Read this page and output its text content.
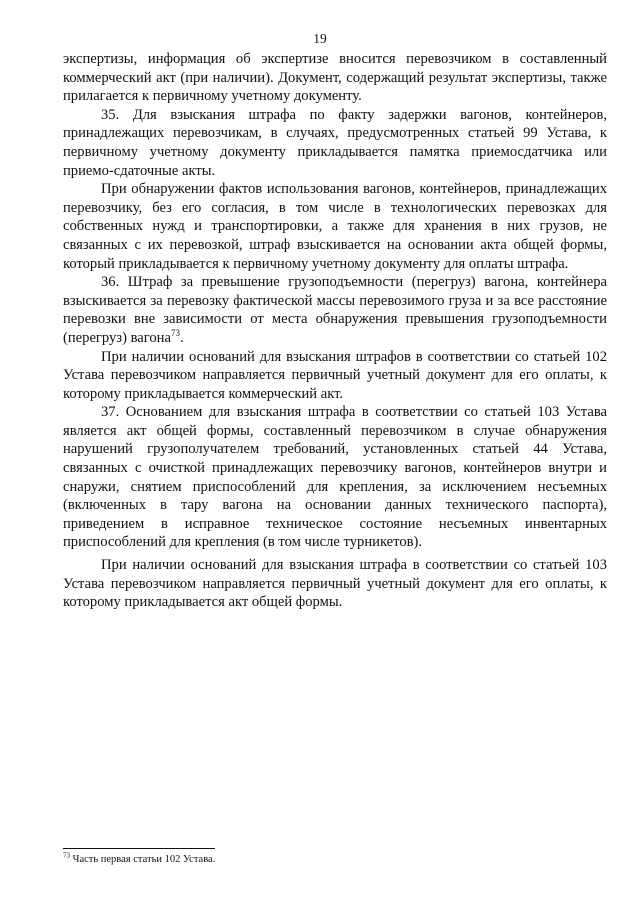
19

экспертизы, информация об экспертизе вносится перевозчиком в составленный коммерческий акт (при наличии). Документ, содержащий результат экспертизы, также прилагается к первичному учетному документу.

35. Для взыскания штрафа по факту задержки вагонов, контейнеров, принадлежащих перевозчикам, в случаях, предусмотренных статьей 99 Устава, к первичному учетному документу прикладывается памятка приемосдатчика или приемо-сдаточные акты.

При обнаружении фактов использования вагонов, контейнеров, принадлежащих перевозчику, без его согласия, в том числе в технологических перевозках для собственных нужд и транспортировки, а также для хранения в них грузов, не связанных с их перевозкой, штраф взыскивается на основании акта общей формы, который прикладывается к первичному учетному документу для оплаты штрафа.

36. Штраф за превышение грузоподъемности (перегруз) вагона, контейнера взыскивается за перевозку фактической массы перевозимого груза и за все расстояние перевозки вне зависимости от места обнаружения превышения грузоподъемности (перегруз) вагона$^{73}$.

При наличии оснований для взыскания штрафов в соответствии со статьей 102 Устава перевозчиком направляется первичный учетный документ для его оплаты, к которому прикладывается коммерческий акт.

37. Основанием для взыскания штрафа в соответствии со статьей 103 Устава является акт общей формы, составленный перевозчиком в случае обнаружения нарушений грузополучателем требований, установленных статьей 44 Устава, связанных с очисткой принадлежащих перевозчику вагонов, контейнеров внутри и снаружи, снятием приспособлений для крепления, за исключением несъемных (включенных в тару вагона на основании данных технического паспорта), приведением в исправное техническое состояние несъемных инвентарных приспособлений для крепления (в том числе турникетов).

При наличии оснований для взыскания штрафа в соответствии со статьей 103 Устава перевозчиком направляется первичный учетный документ для его оплаты, к которому прикладывается акт общей формы.

$^{73}$ Часть первая статьи 102 Устава.
